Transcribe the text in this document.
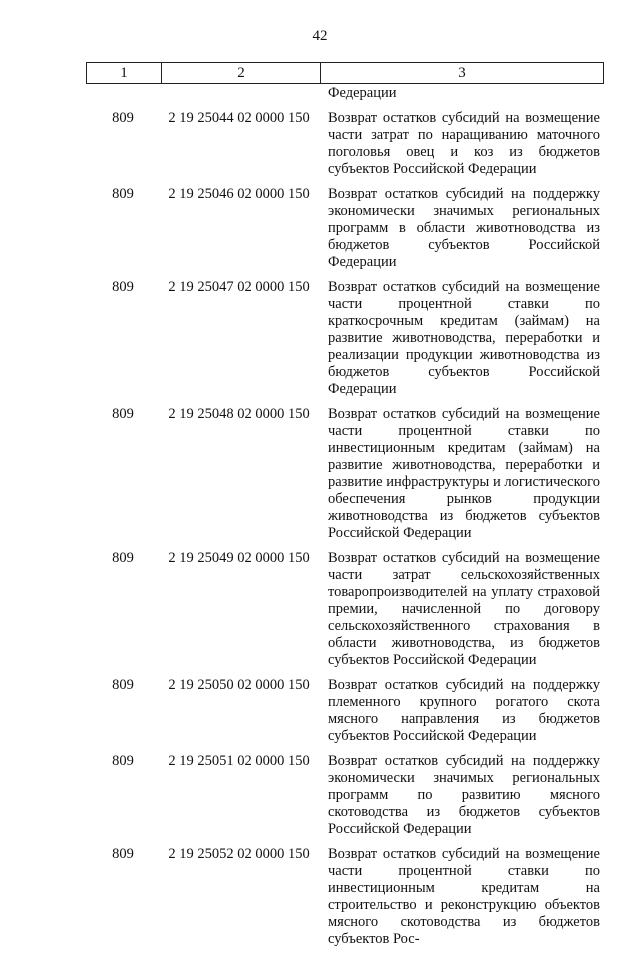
42
1	2	3
Федерации
809	2 19 25044 02 0000 150	Возврат остатков субсидий на возмещение части затрат по наращиванию маточного поголовья овец и коз из бюджетов субъектов Российской Федерации
809	2 19 25046 02 0000 150	Возврат остатков субсидий на поддержку экономически значимых региональных программ в области животноводства из бюджетов субъектов Российской Федерации
809	2 19 25047 02 0000 150	Возврат остатков субсидий на возмещение части процентной ставки по краткосрочным кредитам (займам) на развитие животноводства, переработки и реализации продукции животноводства из бюджетов субъектов Российской Федерации
809	2 19 25048 02 0000 150	Возврат остатков субсидий на возмещение части процентной ставки по инвестиционным кредитам (займам) на развитие животноводства, переработки и развитие инфраструктуры и логистического обеспечения рынков продукции животноводства из бюджетов субъектов Российской Федерации
809	2 19 25049 02 0000 150	Возврат остатков субсидий на возмещение части затрат сельскохозяйственных товаропроизводителей на уплату страховой премии, начисленной по договору сельскохозяйственного страхования в области животноводства, из бюджетов субъектов Российской Федерации
809	2 19 25050 02 0000 150	Возврат остатков субсидий на поддержку племенного крупного рогатого скота мясного направления из бюджетов субъектов Российской Федерации
809	2 19 25051 02 0000 150	Возврат остатков субсидий на поддержку экономически значимых региональных программ по развитию мясного скотоводства из бюджетов субъектов Российской Федерации
809	2 19 25052 02 0000 150	Возврат остатков субсидий на возмещение части процентной ставки по инвестиционным кредитам на строительство и реконструкцию объектов мясного скотоводства из бюджетов субъектов Рос-
